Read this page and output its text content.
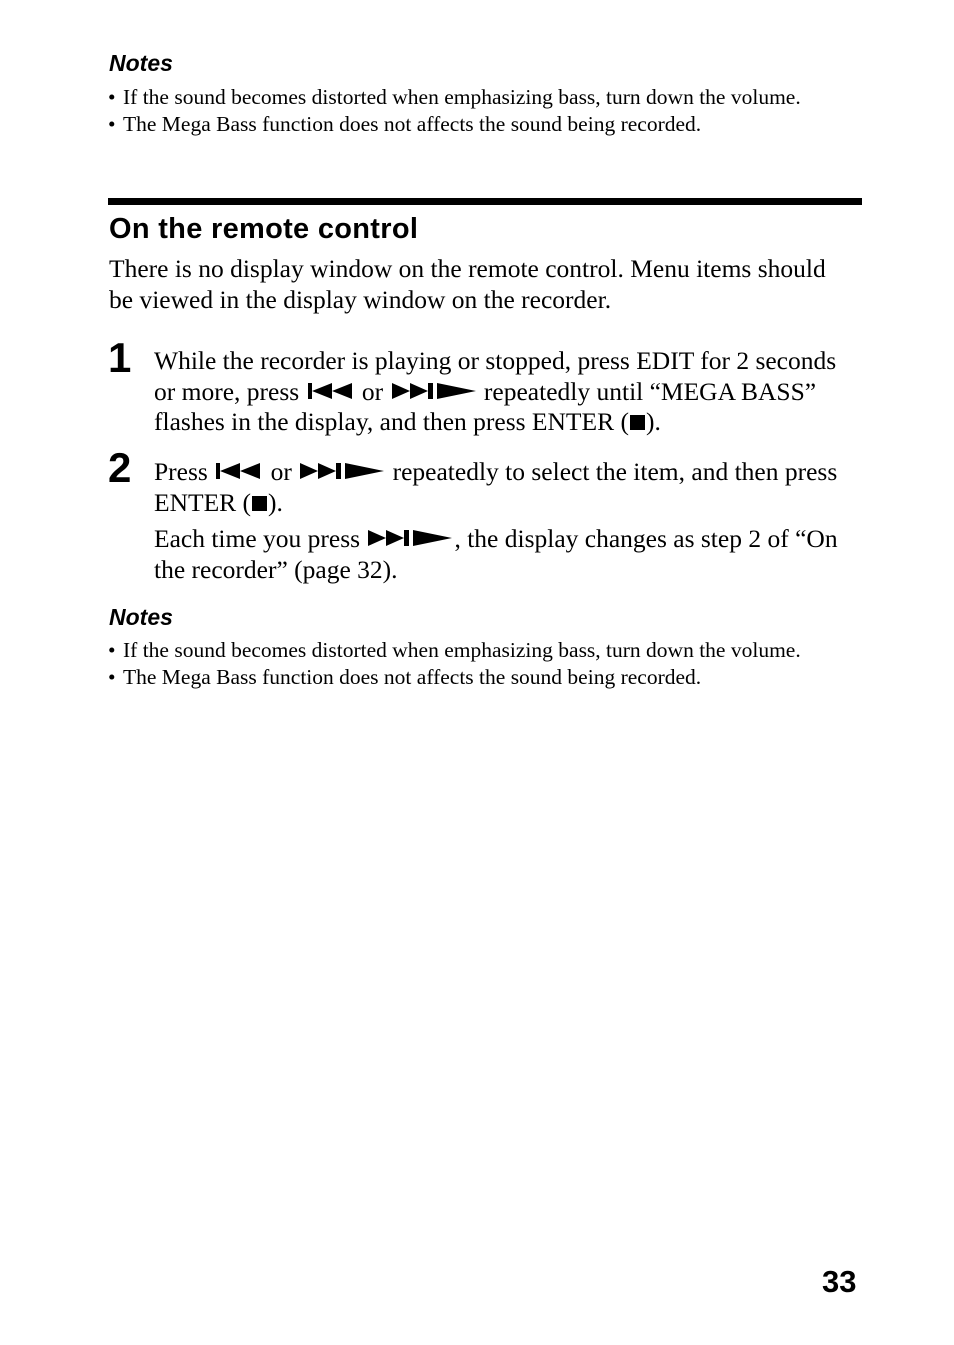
Notes
• If the sound becomes distorted when emphasizing bass, turn down the volume.
• The Mega Bass function does not affects the sound being recorded.
On the remote control
There is no display window on the remote control. Menu items should be viewed in the display window on the recorder.
1 While the recorder is playing or stopped, press EDIT for 2 seconds or more, press  or	repeatedly until “MEGA BASS” flashes in the display, and then press ENTER ( ).
2 Press  or	repeatedly to select the item, and then press ENTER ( ).
Each time you press	, the display changes as step 2 of “On the recorder” (page 32).
Notes
• If the sound becomes distorted when emphasizing bass, turn down the volume.
• The Mega Bass function does not affects the sound being recorded.
33
